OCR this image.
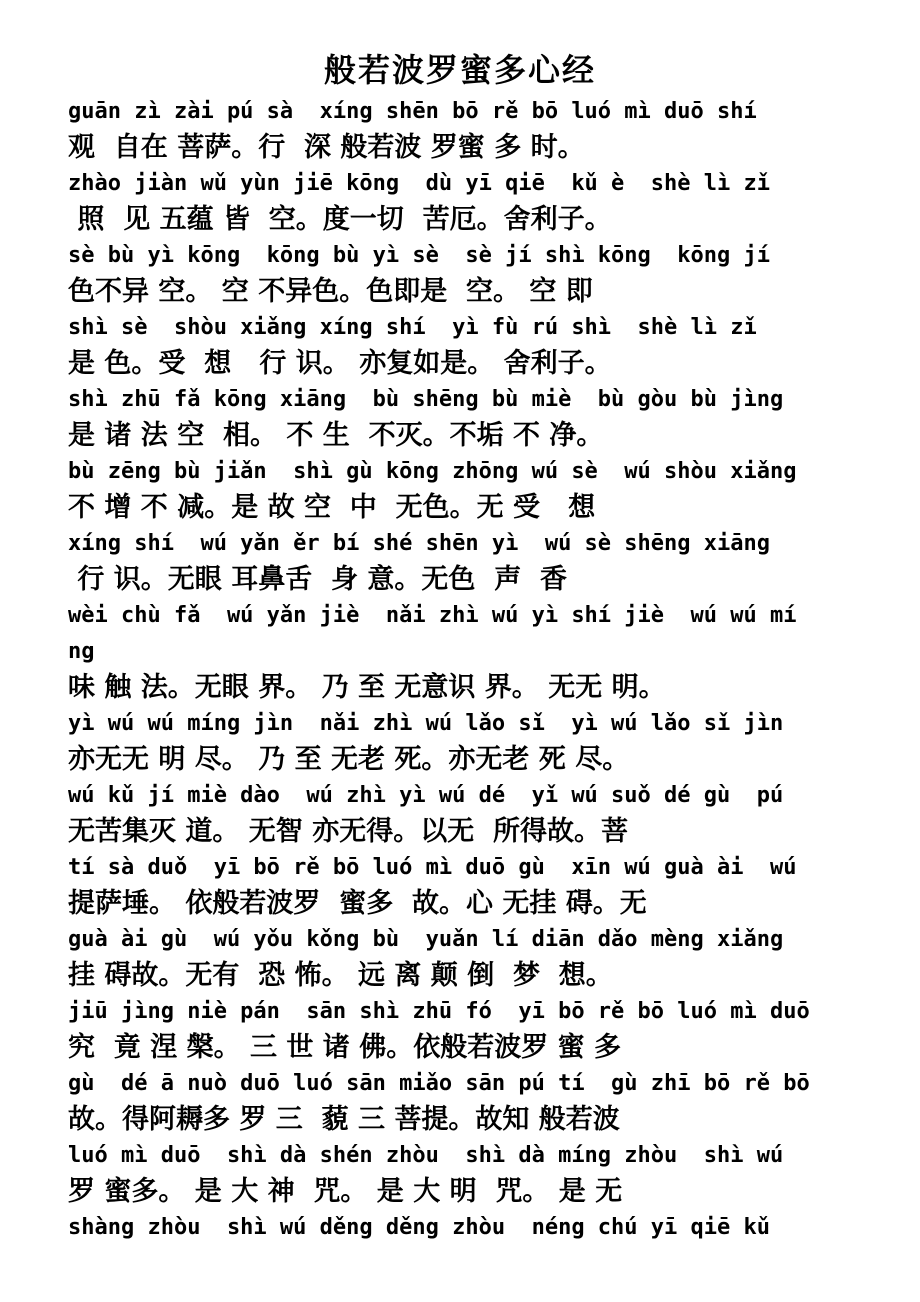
般若波罗蜜多心经
guān zì zài pú sà  xíng shēn bō rě bō luó mì duō shí
观  自在 菩萨。行  深 般若波 罗蜜 多 时。
zhào jiàn wǔ yùn jiē kōng  dù yī qiē  kǔ è  shè lì zǐ
照  见 五蕴 皆  空。度一切  苦厄。舍利子。
sè bù yì kōng  kōng bù yì sè  sè jí shì kōng  kōng jí
色不异 空。 空 不异色。色即是  空。 空 即
shì sè  shòu xiǎng xíng shí  yì fù rú shì  shè lì zǐ
是 色。受  想   行 识。 亦复如是。 舍利子。
shì zhū fǎ kōng xiāng  bù shēng bù miè  bù gòu bù jìng
是 诸 法 空  相。 不 生  不灭。不垢 不 净。
bù zēng bù jiǎn  shì gù kōng zhōng wú sè  wú shòu xiǎng
不 增 不 减。是 故 空  中  无色。无 受   想
xíng shí  wú yǎn ěr bí shé shēn yì  wú sè shēng xiāng
行 识。无眼 耳鼻舌  身 意。无色  声  香
wèi chù fǎ  wú yǎn jiè  nǎi zhì wú yì shí jiè  wú wú mí
ng
味 触 法。无眼 界。 乃 至 无意识 界。 无无 明。
yì wú wú míng jìn  nǎi zhì wú lǎo sǐ  yì wú lǎo sǐ jìn
亦无无 明 尽。 乃 至 无老 死。亦无老 死 尽。
wú kǔ jí miè dào  wú zhì yì wú dé  yǐ wú suǒ dé gù  pú
无苦集灭 道。 无智 亦无得。以无  所得故。菩
tí sà duǒ  yī bō rě bō luó mì duō gù  xīn wú guà ài  wú
提萨埵。 依般若波罗  蜜多  故。心 无挂 碍。无
guà ài gù  wú yǒu kǒng bù  yuǎn lí diān dǎo mèng xiǎng
挂 碍故。无有  恐 怖。 远 离 颠 倒  梦  想。
jiū jìng niè pán  sān shì zhū fó  yī bō rě bō luó mì duō
究  竟 涅 槃。 三 世 诸 佛。依般若波罗 蜜 多
gù  dé ā nuò duō luó sān miǎo sān pú tí  gù zhī bō rě bō
故。得阿耨多 罗 三  藐 三 菩提。故知 般若波
luó mì duō  shì dà shén zhòu  shì dà míng zhòu  shì wú
罗 蜜多。 是 大 神  咒。 是 大 明  咒。 是 无
shàng zhòu  shì wú děng děng zhòu  néng chú yī qiē kǔ
